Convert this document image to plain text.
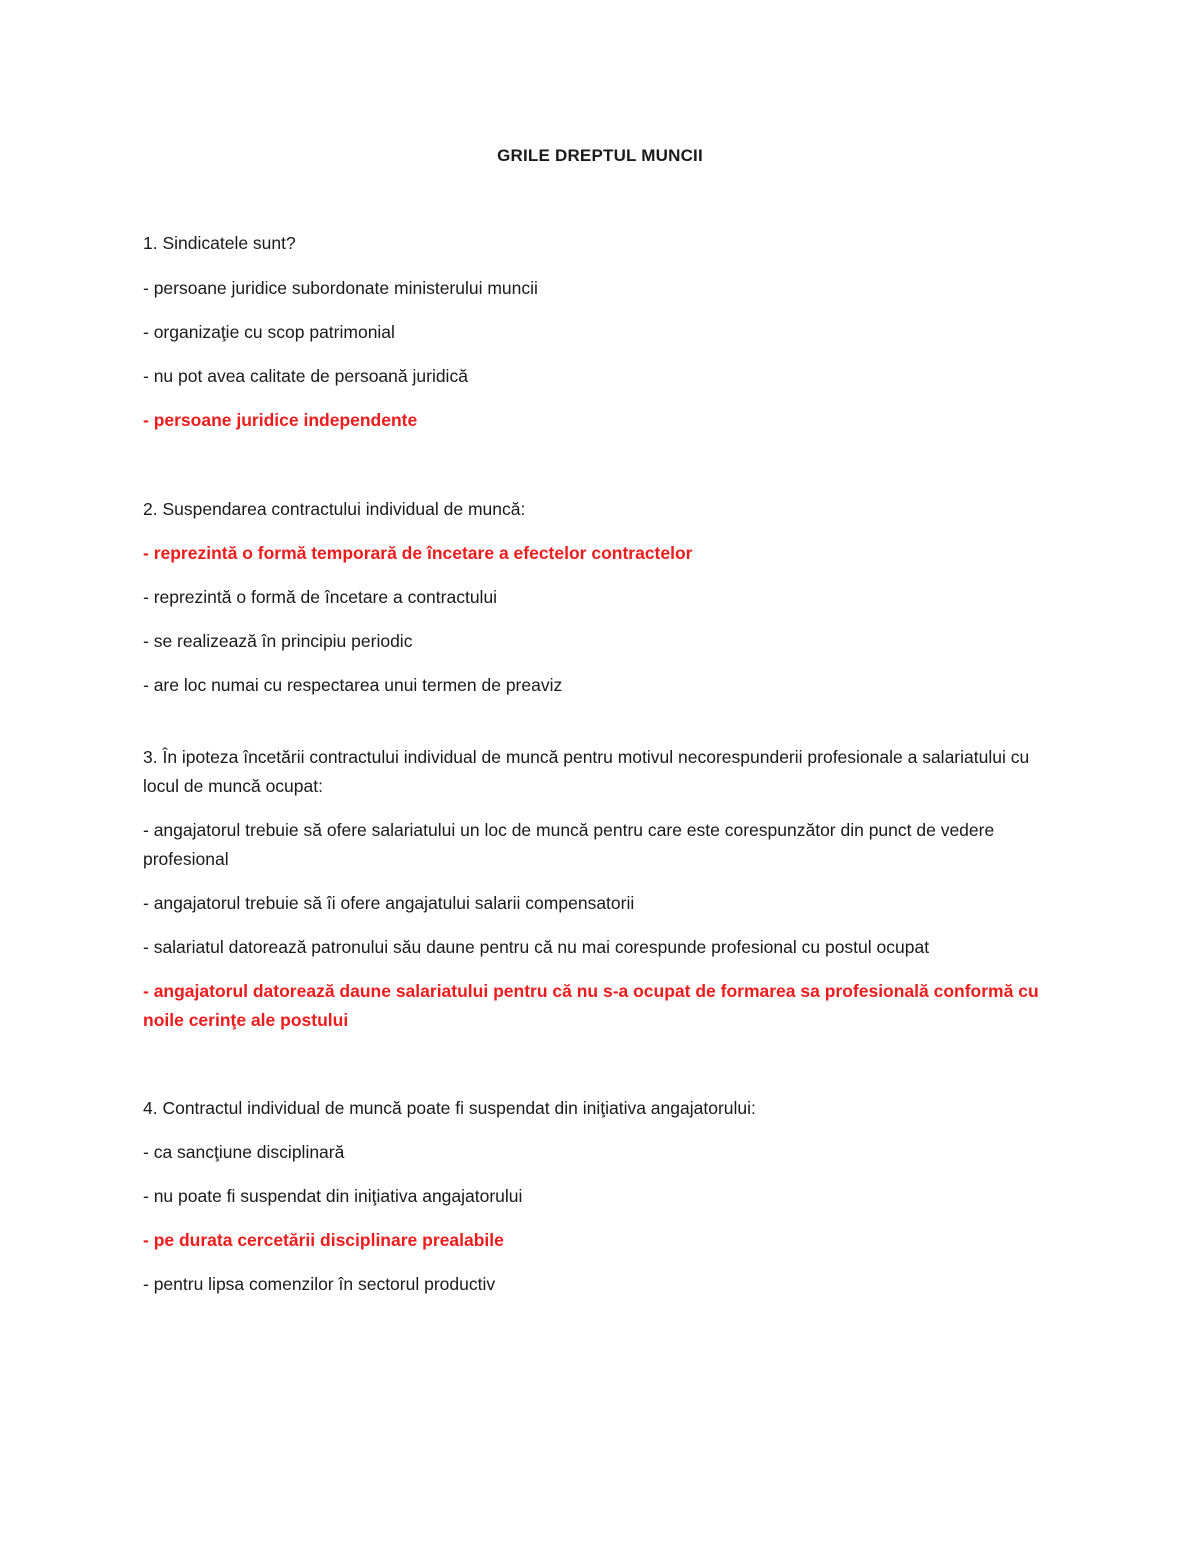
GRILE DREPTUL MUNCII
1. Sindicatele sunt?
- persoane juridice subordonate ministerului muncii
- organizaţie cu scop patrimonial
- nu pot avea calitate de persoană juridică
- persoane juridice independente
2. Suspendarea contractului individual de muncă:
- reprezintă o formă temporară de încetare a efectelor contractelor
- reprezintă o formă de încetare a contractului
- se realizează în principiu periodic
- are loc numai cu respectarea unui termen de preaviz
3. În ipoteza încetării contractului individual de muncă pentru motivul necorespunderii profesionale a salariatului cu locul de muncă ocupat:
- angajatorul trebuie să ofere salariatului un loc de muncă pentru care este corespunzător din punct de vedere profesional
- angajatorul trebuie să îi ofere angajatului salarii compensatorii
- salariatul datorează patronului său daune pentru că nu mai corespunde profesional cu postul ocupat
- angajatorul datorează daune salariatului pentru că nu s-a ocupat de formarea sa profesională conformă cu noile cerinţe ale postului
4. Contractul individual de muncă poate fi suspendat din iniţiativa angajatorului:
- ca sancţiune disciplinară
- nu poate fi suspendat din iniţiativa angajatorului
- pe durata cercetării disciplinare prealabile
- pentru lipsa comenzilor în sectorul productiv
